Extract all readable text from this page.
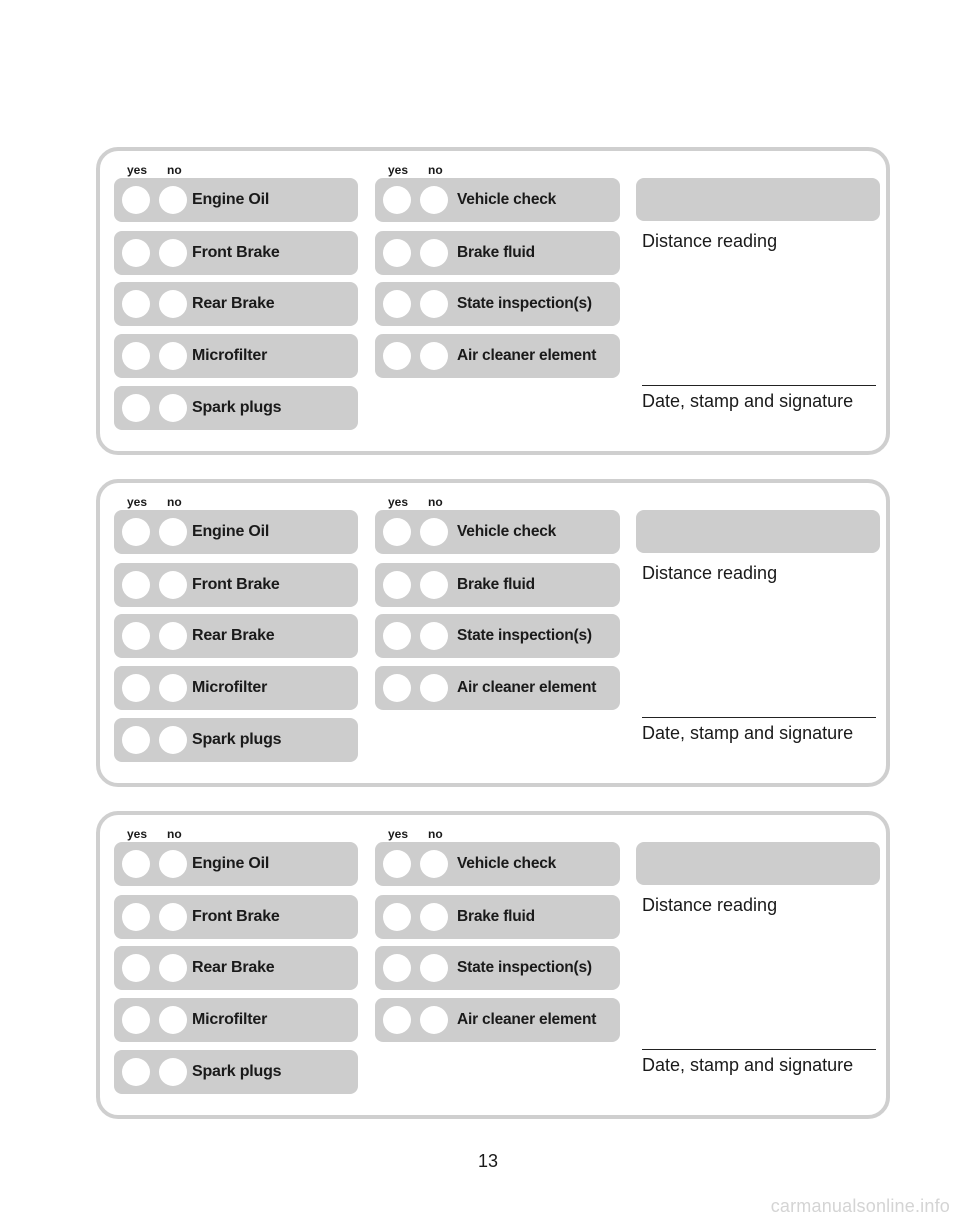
yes no	yes no
Engine Oil
Front Brake
Rear Brake
Microfilter
Spark plugs
Vehicle check
Brake fluid
State inspection(s)
Air cleaner element
Distance reading
Date, stamp and signature
yes no	yes no
Engine Oil
Front Brake
Rear Brake
Microfilter
Spark plugs
Vehicle check
Brake fluid
State inspection(s)
Air cleaner element
Distance reading
Date, stamp and signature
yes no	yes no
Engine Oil
Front Brake
Rear Brake
Microfilter
Spark plugs
Vehicle check
Brake fluid
State inspection(s)
Air cleaner element
Distance reading
Date, stamp and signature
13
carmanualsonline.info
